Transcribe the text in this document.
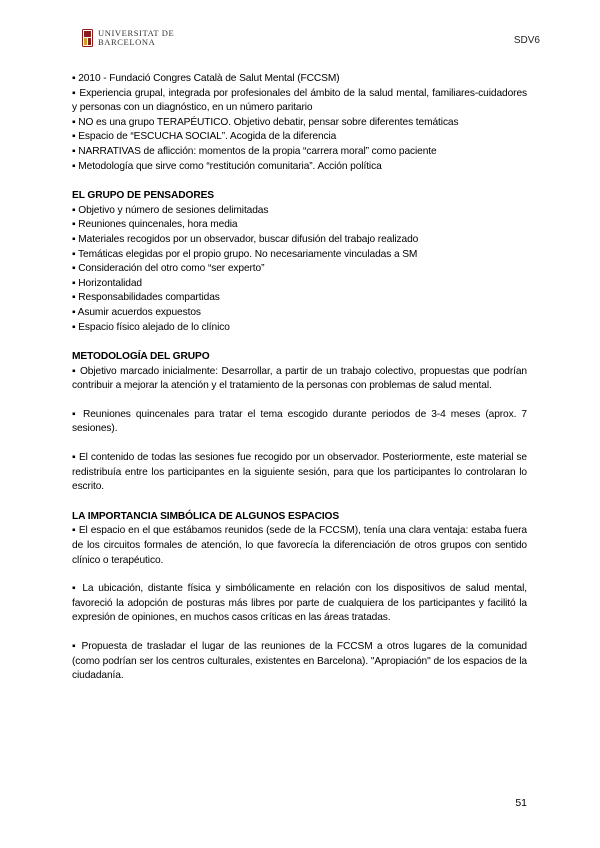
UNIVERSITAT DE
BARCELONA	SDV6

▪ 2010 - Fundació Congres Català de Salut Mental (FCCSM)

▪ Experiencia grupal, integrada por profesionales del ámbito de la salud mental, familiares-cuidadores y personas con un diagnóstico, en un número paritario

▪ NO es una grupo TERAPÉUTICO. Objetivo debatir, pensar sobre diferentes temáticas

▪ Espacio de “ESCUCHA SOCIAL”. Acogida de la diferencia

▪ NARRATIVAS de aflicción: momentos de la propia “carrera moral” como paciente

▪ Metodología que sirve como “restitución comunitaria”. Acción política

EL GRUPO DE PENSADORES

▪ Objetivo y número de sesiones delimitadas

▪ Reuniones quincenales, hora media

▪ Materiales recogidos por un observador, buscar difusión del trabajo realizado

▪ Temáticas elegidas por el propio grupo. No necesariamente vinculadas a SM

▪ Consideración del otro como “ser experto”

▪ Horizontalidad

▪ Responsabilidades compartidas

▪ Asumir acuerdos expuestos

▪ Espacio físico alejado de lo clínico

METODOLOGÍA DEL GRUPO

▪ Objetivo marcado inicialmente: Desarrollar, a partir de un trabajo colectivo, propuestas que podrían contribuir a mejorar la atención y el tratamiento de la personas con problemas de salud mental.

▪ Reuniones quincenales para tratar el tema escogido durante periodos de 3-4 meses (aprox. 7 sesiones).

▪ El contenido de todas las sesiones fue recogido por un observador. Posteriormente, este material se redistribuía entre los participantes en la siguiente sesión, para que los participantes lo controlaran lo escrito.

LA IMPORTANCIA SIMBÓLICA DE ALGUNOS ESPACIOS

▪ El espacio en el que estábamos reunidos (sede de la FCCSM), tenía una clara ventaja: estaba fuera de los circuitos formales de atención, lo que favorecía la diferenciación de otros grupos con sentido clínico o terapéutico.

▪ La ubicación, distante física y simbólicamente en relación con los dispositivos de salud mental, favoreció la adopción de posturas más libres por parte de cualquiera de los participantes y facilitó la expresión de opiniones, en muchos casos críticas en las áreas tratadas.

▪ Propuesta de trasladar el lugar de las reuniones de la FCCSM a otros lugares de la comunidad (como podrían ser los centros culturales, existentes en Barcelona). "Apropiación" de los espacios de la ciudadanía.

51
